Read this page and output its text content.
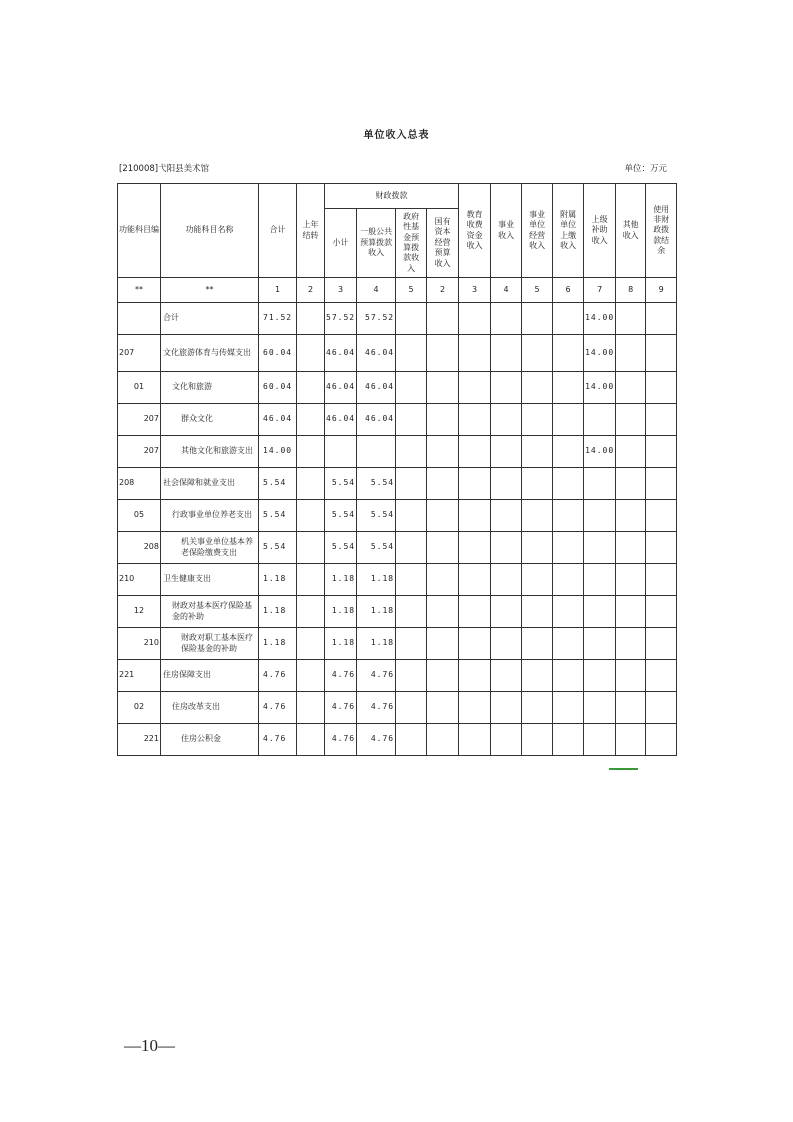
单位收入总表
[210008]弋阳县美术馆	单位：万元
功能科目编	功能科目名称	合计	上年结转	财政拨款				教育收费资金收入	事业收入	事业单位经营收入	附属单位上缴收入	上级补助收入	其他收入	使用非财政拨款结余

				小计	一般公共预算拨款收入	政府性基金预算拨款收入	国有资本经营预算收入							

**	**	1	2	3	4	5	2	3	4	5	6	7	8	9
	合计	71.52		57.52	57.52							14.00		
207	文化旅游体育与传媒支出	60.04		46.04	46.04							14.00		
01	文化和旅游	60.04		46.04	46.04							14.00		
207	群众文化	46.04		46.04	46.04									
207	其他文化和旅游支出	14.00										14.00		
208	社会保障和就业支出	5.54		5.54	5.54									
05	行政事业单位养老支出	5.54		5.54	5.54									
208	机关事业单位基本养老保险缴费支出	5.54		5.54	5.54									
210	卫生健康支出	1.18		1.18	1.18									
12	财政对基本医疗保险基金的补助	1.18		1.18	1.18									
210	财政对职工基本医疗保险基金的补助	1.18		1.18	1.18									
221	住房保障支出	4.76		4.76	4.76									
02	住房改革支出	4.76		4.76	4.76									
221	住房公积金	4.76		4.76	4.76									
—10—
